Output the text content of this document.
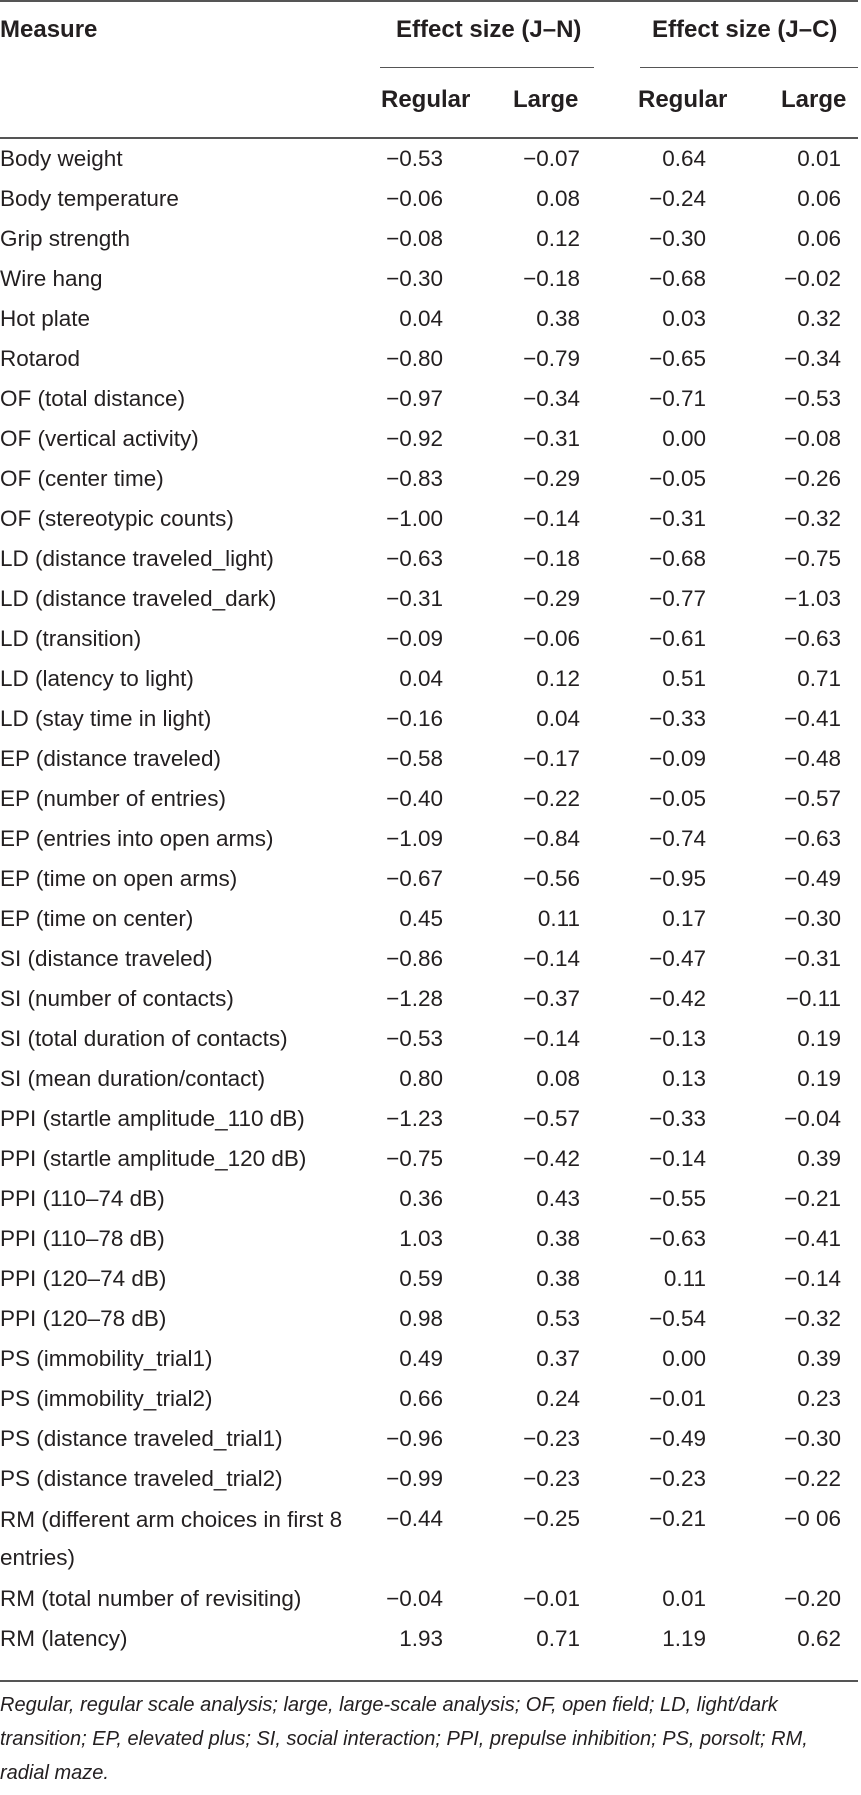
Measure	Effect size (J–N)	Effect size (J–C)
Regular Large Regular Large
Body weight	−0.53	−0.07	0.64	0.01	
Body temperature	−0.06	0.08	−0.24	0.06	
Grip strength	−0.08	0.12	−0.30	0.06	
Wire hang	−0.30	−0.18	−0.68	−0.02	
Hot plate	0.04	0.38	0.03	0.32	
Rotarod	−0.80	−0.79	−0.65	−0.34	
OF (total distance)	−0.97	−0.34	−0.71	−0.53	
OF (vertical activity)	−0.92	−0.31	0.00	−0.08	
OF (center time)	−0.83	−0.29	−0.05	−0.26	
OF (stereotypic counts)	−1.00	−0.14	−0.31	−0.32	
LD (distance traveled_light)	−0.63	−0.18	−0.68	−0.75	
LD (distance traveled_dark)	−0.31	−0.29	−0.77	−1.03	
LD (transition)	−0.09	−0.06	−0.61	−0.63	
LD (latency to light)	0.04	0.12	0.51	0.71	
LD (stay time in light)	−0.16	0.04	−0.33	−0.41	
EP (distance traveled)	−0.58	−0.17	−0.09	−0.48	
EP (number of entries)	−0.40	−0.22	−0.05	−0.57	
EP (entries into open arms)	−1.09	−0.84	−0.74	−0.63	
EP (time on open arms)	−0.67	−0.56	−0.95	−0.49	
EP (time on center)	0.45	0.11	0.17	−0.30	
SI (distance traveled)	−0.86	−0.14	−0.47	−0.31	
SI (number of contacts)	−1.28	−0.37	−0.42	−0.11	
SI (total duration of contacts)	−0.53	−0.14	−0.13	0.19	
SI (mean duration/contact)	0.80	0.08	0.13	0.19	
PPI (startle amplitude_110 dB)	−1.23	−0.57	−0.33	−0.04	
PPI (startle amplitude_120 dB)	−0.75	−0.42	−0.14	0.39	
PPI (110–74 dB)	0.36	0.43	−0.55	−0.21	
PPI (110–78 dB)	1.03	0.38	−0.63	−0.41	
PPI (120–74 dB)	0.59	0.38	0.11	−0.14	
PPI (120–78 dB)	0.98	0.53	−0.54	−0.32	
PS (immobility_trial1)	0.49	0.37	0.00	0.39	
PS (immobility_trial2)	0.66	0.24	−0.01	0.23	
PS (distance traveled_trial1)	−0.96	−0.23	−0.49	−0.30	
PS (distance traveled_trial2)	−0.99	−0.23	−0.23	−0.22	
RM (different arm choices in first 8 entries)	−0.44	−0.25	−0.21	−0 06	
RM (total number of revisiting)	−0.04	−0.01	0.01	−0.20	
RM (latency)	1.93	0.71	1.19	0.62	
Regular, regular scale analysis; large, large-scale analysis; OF, open field; LD, light/dark transition; EP, elevated plus; SI, social interaction; PPI, prepulse inhibition; PS, porsolt; RM, radial maze.
